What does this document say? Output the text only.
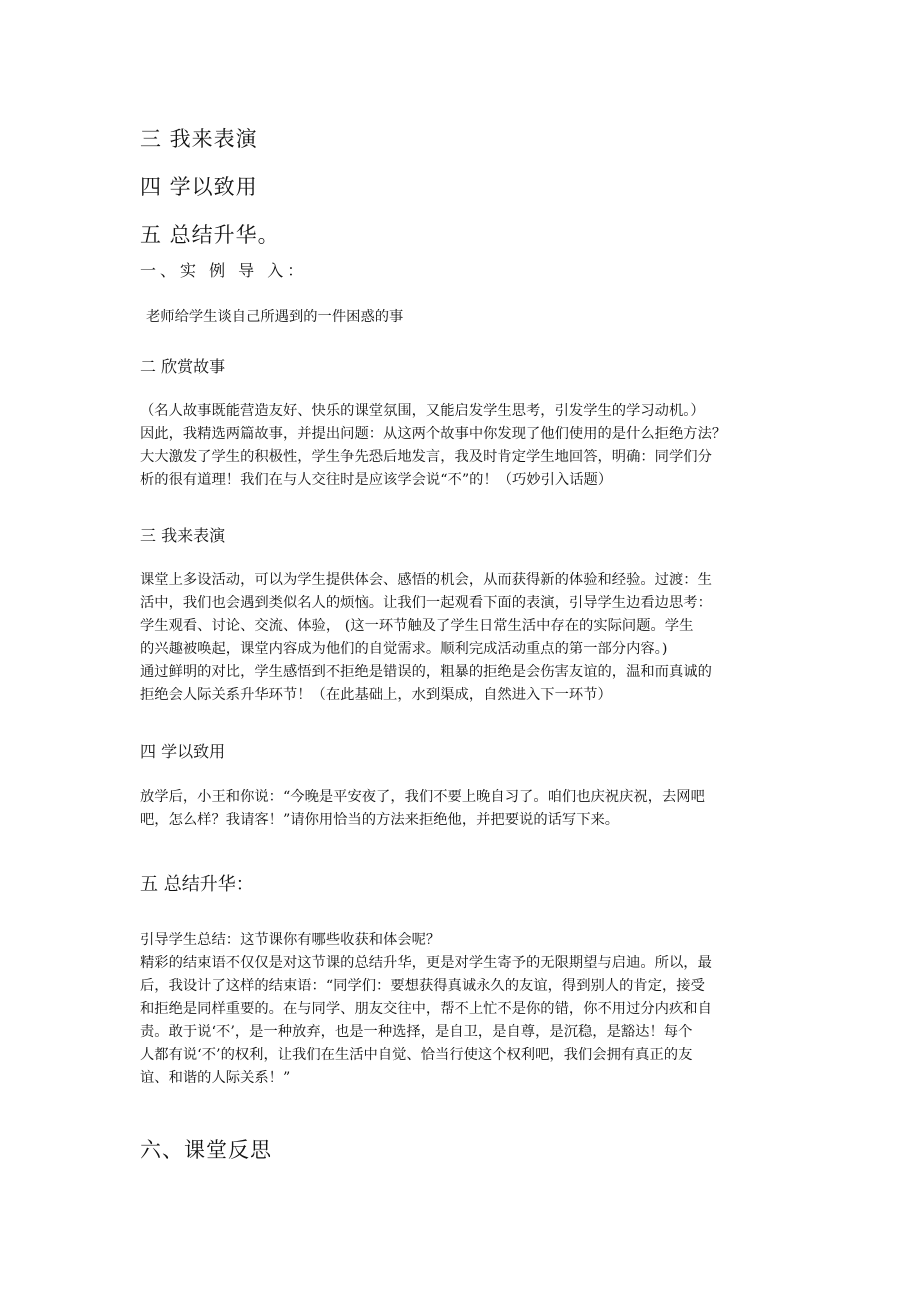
三 我来表演
四 学以致用
五 总结升华。
一、实 例 导 入：
老师给学生谈自己所遇到的一件困惑的事
二 欣赏故事
（名人故事既能营造友好、快乐的课堂氛围，又能启发学生思考，引发学生的学习动机。）
因此，我精选两篇故事，并提出问题：从这两个故事中你发现了他们使用的是什么拒绝方法？
大大激发了学生的积极性，学生争先恐后地发言，我及时肯定学生地回答，明确：同学们分
析的很有道理！我们在与人交往时是应该学会说“不”的！（巧妙引入话题）
三 我来表演
课堂上多设活动，可以为学生提供体会、感悟的机会，从而获得新的体验和经验。过渡：生
活中，我们也会遇到类似名人的烦恼。让我们一起观看下面的表演，引导学生边看边思考：
学生观看、讨论、交流、体验， (这一环节触及了学生日常生活中存在的实际问题。学生
的兴趣被唤起，课堂内容成为他们的自觉需求。顺利完成活动重点的第一部分内容。)
通过鲜明的对比，学生感悟到不拒绝是错误的，粗暴的拒绝是会伤害友谊的，温和而真诚的
拒绝会人际关系升华环节！（在此基础上，水到渠成，自然进入下一环节）
四 学以致用
放学后，小王和你说：“今晚是平安夜了，我们不要上晚自习了。咱们也庆祝庆祝，去网吧
吧，怎么样？我请客！”请你用恰当的方法来拒绝他，并把要说的话写下来。
五 总结升华：
引导学生总结：这节课你有哪些收获和体会呢？
精彩的结束语不仅仅是对这节课的总结升华，更是对学生寄予的无限期望与启迪。所以，最
后，我设计了这样的结束语：“同学们：要想获得真诚永久的友谊，得到别人的肯定，接受
和拒绝是同样重要的。在与同学、朋友交往中，帮不上忙不是你的错，你不用过分内疚和自
责。敢于说‘不’，是一种放弃，也是一种选择，是自卫，是自尊，是沉稳，是豁达！每个
人都有说‘不’的权利，让我们在生活中自觉、恰当行使这个权利吧，我们会拥有真正的友
谊、和谐的人际关系！”
六、课堂反思
